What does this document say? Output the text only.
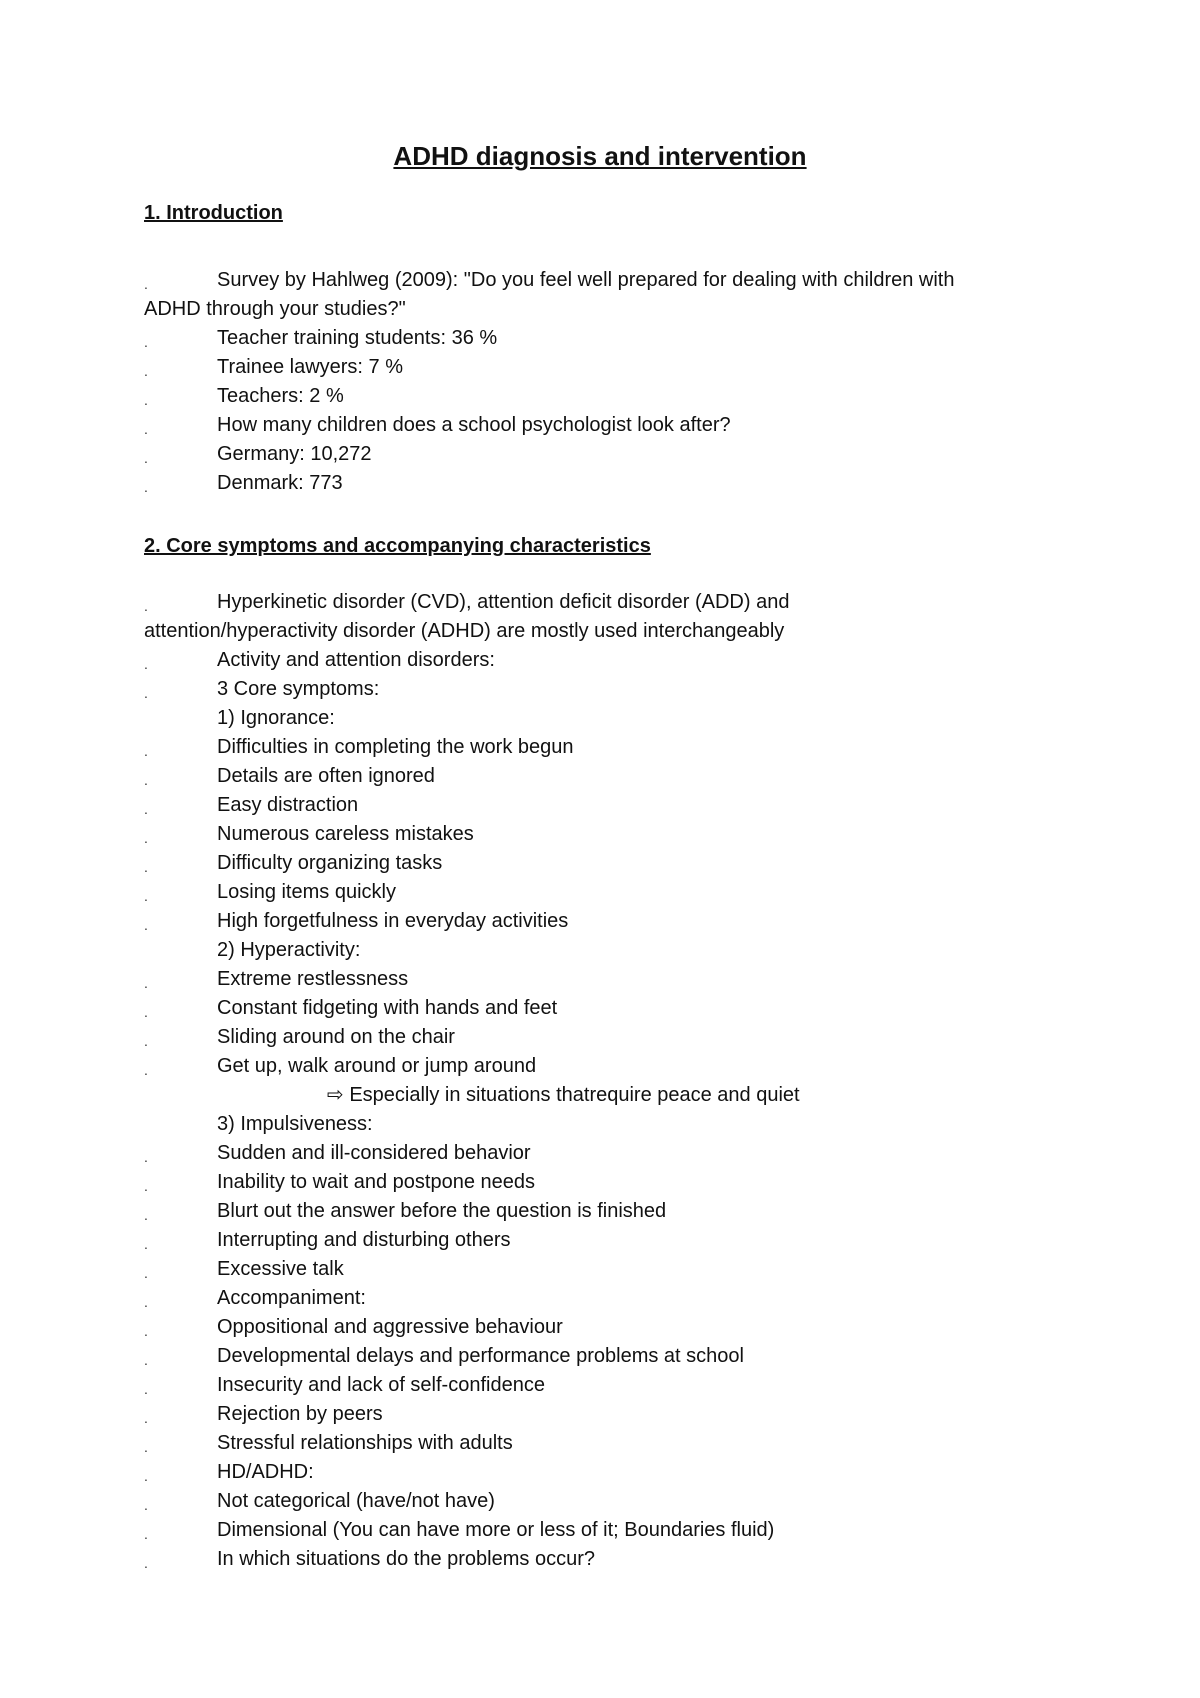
ADHD diagnosis and intervention
1. Introduction
.	Survey by Hahlweg (2009): "Do you feel well prepared for dealing with children with
ADHD through your studies?"
.	Teacher training students: 36 %
.	Trainee lawyers: 7 %
.	Teachers: 2 %
.	How many children does a school psychologist look after?
.	Germany: 10,272
.	Denmark: 773
2. Core symptoms and accompanying characteristics
.	Hyperkinetic disorder (CVD), attention deficit disorder (ADD) and
attention/hyperactivity disorder (ADHD) are mostly used interchangeably
.	Activity and attention disorders:
.	3 Core symptoms:
1) Ignorance:
.	Difficulties in completing the work begun
.	Details are often ignored
.	Easy distraction
.	Numerous careless mistakes
.	Difficulty organizing tasks
.	Losing items quickly
.	High forgetfulness in everyday activities
2) Hyperactivity:
.	Extreme restlessness
.	Constant fidgeting with hands and feet
.	Sliding around on the chair
.	Get up, walk around or jump around
⇨ Especially in situations thatrequire peace and quiet
3) Impulsiveness:
.	Sudden and ill-considered behavior
.	Inability to wait and postpone needs
.	Blurt out the answer before the question is finished
.	Interrupting and disturbing others
.	Excessive talk
.	Accompaniment:
.	Oppositional and aggressive behaviour
.	Developmental delays and performance problems at school
.	Insecurity and lack of self-confidence
.	Rejection by peers
.	Stressful relationships with adults
.	HD/ADHD:
.	Not categorical (have/not have)
.	Dimensional (You can have more or less of it; Boundaries fluid)
.	In which situations do the problems occur?
